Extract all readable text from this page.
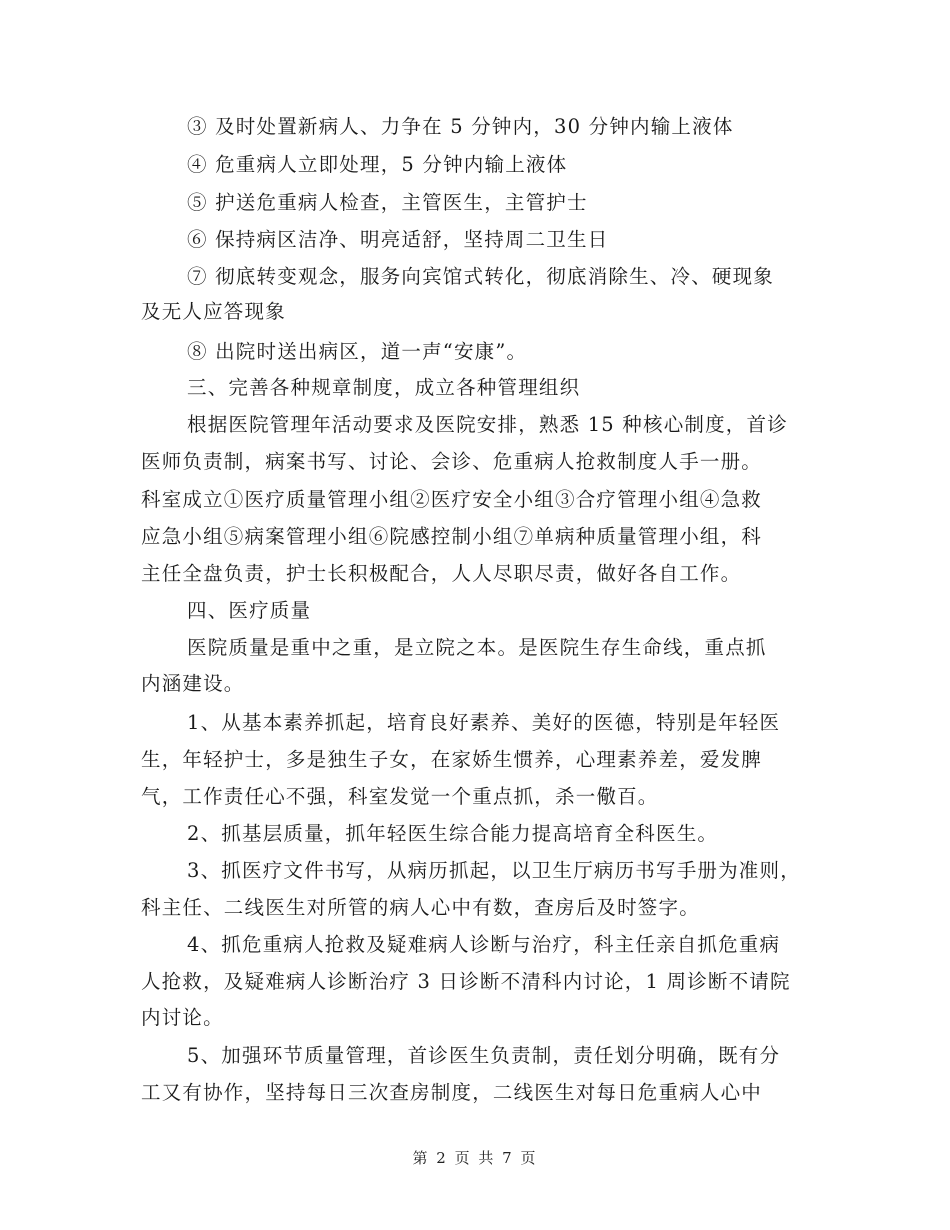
③ 及时处置新病人、力争在 5 分钟内，30 分钟内输上液体
④ 危重病人立即处理，5 分钟内输上液体
⑤ 护送危重病人检查，主管医生，主管护士
⑥ 保持病区洁净、明亮适舒，坚持周二卫生日
⑦ 彻底转变观念，服务向宾馆式转化，彻底消除生、冷、硬现象
及无人应答现象
⑧ 出院时送出病区，道一声“安康”。
三、完善各种规章制度，成立各种管理组织
根据医院管理年活动要求及医院安排，熟悉 15 种核心制度，首诊
医师负责制，病案书写、讨论、会诊、危重病人抢救制度人手一册。
科室成立①医疗质量管理小组②医疗安全小组③合疗管理小组④急救
应急小组⑤病案管理小组⑥院感控制小组⑦单病种质量管理小组，科
主任全盘负责，护士长积极配合，人人尽职尽责，做好各自工作。
四、医疗质量
医院质量是重中之重，是立院之本。是医院生存生命线，重点抓
内涵建设。
1、从基本素养抓起，培育良好素养、美好的医德，特别是年轻医
生，年轻护士，多是独生子女，在家娇生惯养，心理素养差，爱发脾
气，工作责任心不强，科室发觉一个重点抓，杀一儆百。
2、抓基层质量，抓年轻医生综合能力提高培育全科医生。
3、抓医疗文件书写，从病历抓起，以卫生厅病历书写手册为准则，
科主任、二线医生对所管的病人心中有数，查房后及时签字。
4、抓危重病人抢救及疑难病人诊断与治疗，科主任亲自抓危重病
人抢救，及疑难病人诊断治疗 3 日诊断不清科内讨论，1 周诊断不请院
内讨论。
5、加强环节质量管理，首诊医生负责制，责任划分明确，既有分
工又有协作，坚持每日三次查房制度，二线医生对每日危重病人心中
第 2 页 共 7 页
